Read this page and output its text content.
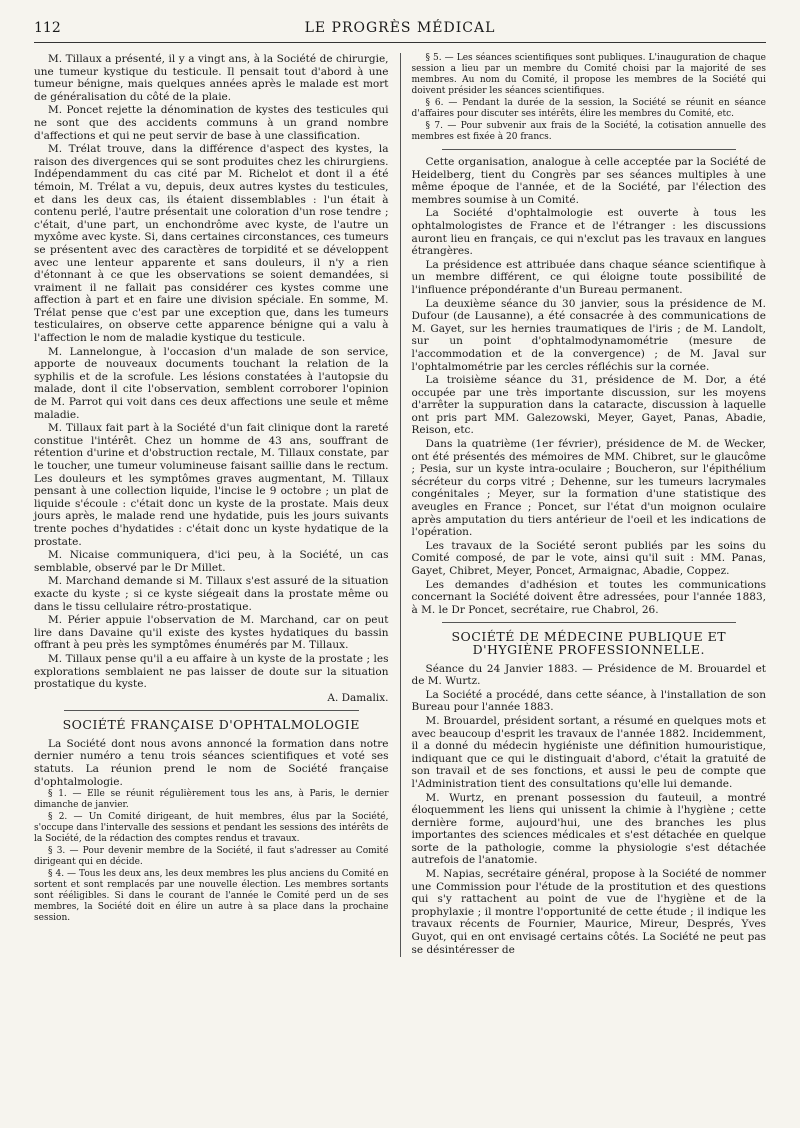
112	LE PROGRÈS MÉDICAL

M. Tillaux a présenté, il y a vingt ans, à la Société de chirurgie, une tumeur kystique du testicule. Il pensait tout d'abord à une tumeur bénigne, mais quelques années après le malade est mort de généralisation du côté de la plaie.

M. Poncet rejette la dénomination de kystes des testicules qui ne sont que des accidents communs à un grand nombre d'affections et qui ne peut servir de base à une classification.

M. Trélat trouve, dans la différence d'aspect des kystes, la raison des divergences qui se sont produites chez les chirurgiens. Indépendamment du cas cité par M. Richelot et dont il a été témoin, M. Trélat a vu, depuis, deux autres kystes du testicules, et dans les deux cas, ils étaient dissemblables : l'un était à contenu perlé, l'autre présentait une coloration d'un rose tendre ; c'était, d'une part, un enchondrôme avec kyste, de l'autre un myxôme avec kyste. Si, dans certaines circonstances, ces tumeurs se présentent avec des caractères de torpidité et se développent avec une lenteur apparente et sans douleurs, il n'y a rien d'étonnant à ce que les observations se soient demandées, si vraiment il ne fallait pas considérer ces kystes comme une affection à part et en faire une division spéciale. En somme, M. Trélat pense que c'est par une exception que, dans les tumeurs testiculaires, on observe cette apparence bénigne qui a valu à l'affection le nom de maladie kystique du testicule.

M. Lannelongue, à l'occasion d'un malade de son service, apporte de nouveaux documents touchant la relation de la syphilis et de la scrofule. Les lésions constatées à l'autopsie du malade, dont il cite l'observation, semblent corroborer l'opinion de M. Parrot qui voit dans ces deux affections une seule et même maladie.

M. Tillaux fait part à la Société d'un fait clinique dont la rareté constitue l'intérêt. Chez un homme de 43 ans, souffrant de rétention d'urine et d'obstruction rectale, M. Tillaux constate, par le toucher, une tumeur volumineuse faisant saillie dans le rectum. Les douleurs et les symptômes graves augmentant, M. Tillaux pensant à une collection liquide, l'incise le 9 octobre ; un plat de liquide s'écoule : c'était donc un kyste de la prostate. Mais deux jours après, le malade rend une hydatide, puis les jours suivants trente poches d'hydatides : c'était donc un kyste hydatique de la prostate.

M. Nicaise communiquera, d'ici peu, à la Société, un cas semblable, observé par le Dr Millet.

M. Marchand demande si M. Tillaux s'est assuré de la situation exacte du kyste ; si ce kyste siégeait dans la prostate même ou dans le tissu cellulaire rétro-prostatique.

M. Périer appuie l'observation de M. Marchand, car on peut lire dans Davaine qu'il existe des kystes hydatiques du bassin offrant à peu près les symptômes énumérés par M. Tillaux.

M. Tillaux pense qu'il a eu affaire à un kyste de la prostate ; les explorations semblaient ne pas laisser de doute sur la situation prostatique du kyste.

A. Damalix.
SOCIÉTÉ FRANÇAISE D'OPHTALMOLOGIE

La Société dont nous avons annoncé la formation dans notre dernier numéro a tenu trois séances scientifiques et voté ses statuts. La réunion prend le nom de Société française d'ophtalmologie.

§ 1. — Elle se réunit régulièrement tous les ans, à Paris, le dernier dimanche de janvier.

§ 2. — Un Comité dirigeant, de huit membres, élus par la Société, s'occupe dans l'intervalle des sessions et pendant les sessions des intérêts de la Société, de la rédaction des comptes rendus et travaux.

§ 3. — Pour devenir membre de la Société, il faut s'adresser au Comité dirigeant qui en décide.

§ 4. — Tous les deux ans, les deux membres les plus anciens du Comité en sortent et sont remplacés par une nouvelle élection. Les membres sortants sont rééligibles. Si dans le courant de l'année le Comité perd un de ses membres, la Société doit en élire un autre à sa place dans la prochaine session.

§ 5. — Les séances scientifiques sont publiques. L'inauguration de chaque session a lieu par un membre du Comité choisi par la majorité de ses membres. Au nom du Comité, il propose les membres de la Société qui doivent présider les séances scientifiques.

§ 6. — Pendant la durée de la session, la Société se réunit en séance d'affaires pour discuter ses intérêts, élire les membres du Comité, etc.

§ 7. — Pour subvenir aux frais de la Société, la cotisation annuelle des membres est fixée à 20 francs.

Cette organisation, analogue à celle acceptée par la Société de Heidelberg, tient du Congrès par ses séances multiples à une même époque de l'année, et de la Société, par l'élection des membres soumise à un Comité.

La Société d'ophtalmologie est ouverte à tous les ophtalmologistes de France et de l'étranger : les discussions auront lieu en français, ce qui n'exclut pas les travaux en langues étrangères.

La présidence est attribuée dans chaque séance scientifique à un membre différent, ce qui éloigne toute possibilité de l'influence prépondérante d'un Bureau permanent.

La deuxième séance du 30 janvier, sous la présidence de M. Dufour (de Lausanne), a été consacrée à des communications de M. Gayet, sur les hernies traumatiques de l'iris ; de M. Landolt, sur un point d'ophtalmodynamométrie (mesure de l'accommodation et de la convergence) ; de M. Javal sur l'ophtalmométrie par les cercles réfléchis sur la cornée.

La troisième séance du 31, présidence de M. Dor, a été occupée par une très importante discussion, sur les moyens d'arrêter la suppuration dans la cataracte, discussion à laquelle ont pris part MM. Galezowski, Meyer, Gayet, Panas, Abadie, Reison, etc.

Dans la quatrième (1er février), présidence de M. de Wecker, ont été présentés des mémoires de MM. Chibret, sur le glaucôme ; Pesia, sur un kyste intra-oculaire ; Boucheron, sur l'épithélium sécréteur du corps vitré ; Dehenne, sur les tumeurs lacrymales congénitales ; Meyer, sur la formation d'une statistique des aveugles en France ; Poncet, sur l'état d'un moignon oculaire après amputation du tiers antérieur de l'oeil et les indications de l'opération.

Les travaux de la Société seront publiés par les soins du Comité composé, de par le vote, ainsi qu'il suit : MM. Panas, Gayet, Chibret, Meyer, Poncet, Armaignac, Abadie, Coppez.

Les demandes d'adhésion et toutes les communications concernant la Société doivent être adressées, pour l'année 1883, à M. le Dr Poncet, secrétaire, rue Chabrol, 26.

SOCIÉTÉ DE MÉDECINE PUBLIQUE ET D'HYGIÈNE PROFESSIONNELLE.

Séance du 24 Janvier 1883. — Présidence de M. Brouardel et de M. Wurtz.

La Société a procédé, dans cette séance, à l'installation de son Bureau pour l'année 1883.

M. Brouardel, président sortant, a résumé en quelques mots et avec beaucoup d'esprit les travaux de l'année 1882. Incidemment, il a donné du médecin hygiéniste une définition humouristique, indiquant que ce qui le distinguait d'abord, c'était la gratuité de son travail et de ses fonctions, et aussi le peu de compte que l'Administration tient des consultations qu'elle lui demande.

M. Wurtz, en prenant possession du fauteuil, a montré éloquemment les liens qui unissent la chimie à l'hygiène ; cette dernière forme, aujourd'hui, une des branches les plus importantes des sciences médicales et s'est détachée en quelque sorte de la pathologie, comme la physiologie s'est détachée autrefois de l'anatomie.

M. Napias, secrétaire général, propose à la Société de nommer une Commission pour l'étude de la prostitution et des questions qui s'y rattachent au point de vue de l'hygiène et de la prophylaxie ; il montre l'opportunité de cette étude ; il indique les travaux récents de Fournier, Maurice, Mireur, Després, Yves Guyot, qui en ont envisagé certains côtés. La Société ne peut pas se désintéresser de
